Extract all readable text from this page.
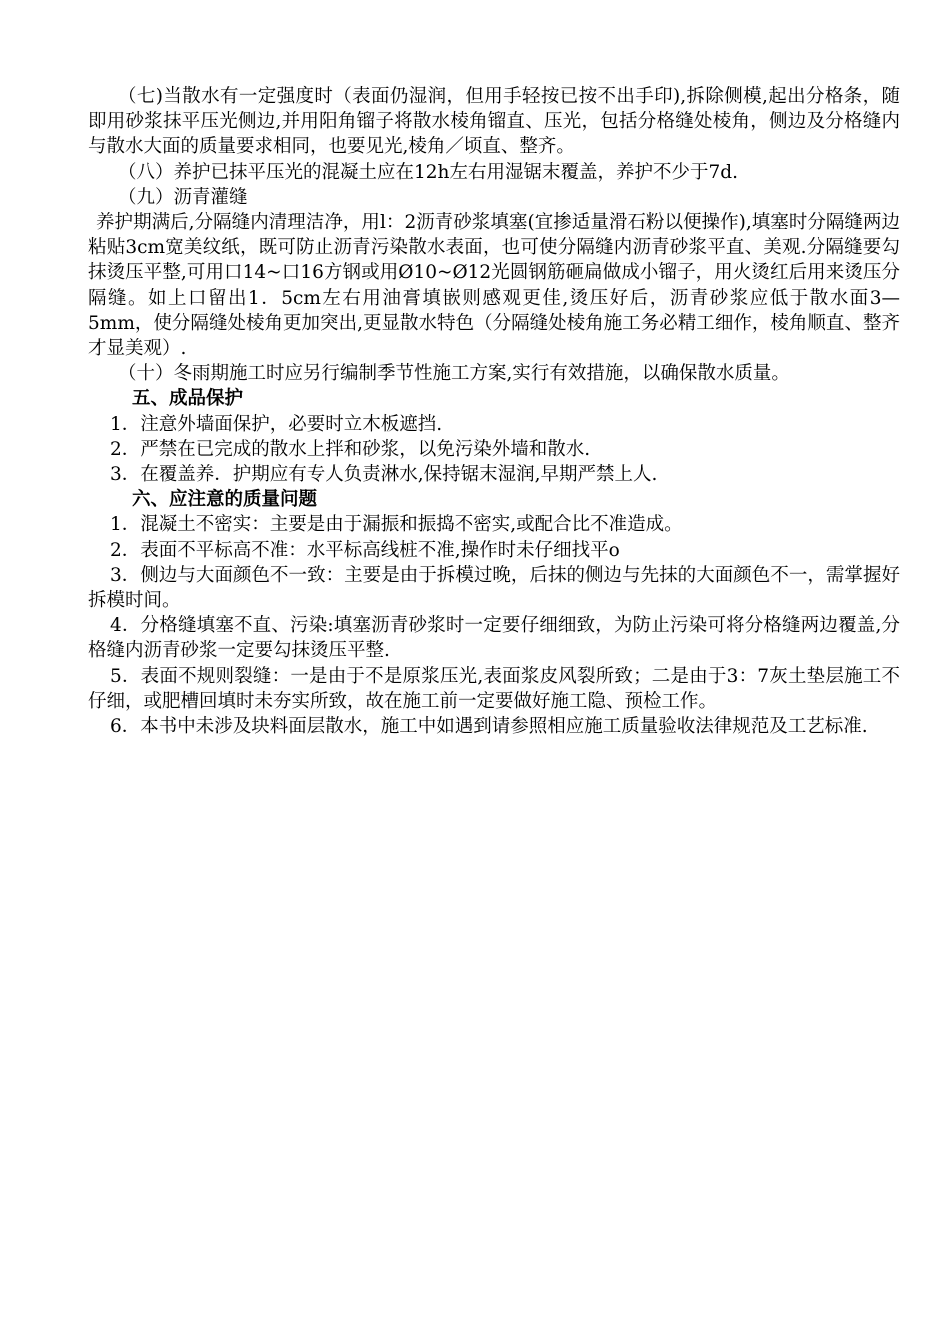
（七)当散水有一定强度时（表面仍湿润，但用手轻按已按不出手印),拆除侧模,起出分格条，随即用砂浆抹平压光侧边,并用阳角镏子将散水棱角镏直、压光，包括分格缝处棱角，侧边及分格缝内与散水大面的质量要求相同，也要见光,棱角／顷直、整齐。

（八）养护已抹平压光的混凝土应在12h左右用湿锯末覆盖，养护不少于7d.

（九）沥青灌缝

养护期满后,分隔缝内清理洁净，用l：2沥青砂浆填塞(宜掺适量滑石粉以便操作),填塞时分隔缝两边粘贴3cm宽美纹纸，既可防止沥青污染散水表面，也可使分隔缝内沥青砂浆平直、美观.分隔缝要勾抹烫压平整,可用口14~口16方钢或用Ø10~Ø12光圆钢筋砸扁做成小镏子，用火烫红后用来烫压分隔缝。如上口留出1．5cm左右用油膏填嵌则感观更佳,烫压好后，沥青砂浆应低于散水面3—5mm，使分隔缝处棱角更加突出,更显散水特色（分隔缝处棱角施工务必精工细作，棱角顺直、整齐才显美观）.

（十）冬雨期施工时应另行编制季节性施工方案,实行有效措施，以确保散水质量。

五、成品保护

1．注意外墙面保护，必要时立木板遮挡.

2．严禁在已完成的散水上拌和砂浆，以免污染外墙和散水.

3．在覆盖养．护期应有专人负责淋水,保持锯末湿润,早期严禁上人.

六、应注意的质量问题

1．混凝土不密实：主要是由于漏振和振捣不密实,或配合比不准造成。

2．表面不平标高不准：水平标高线桩不准,操作时未仔细找平o

3．侧边与大面颜色不一致：主要是由于拆模过晚，后抹的侧边与先抹的大面颜色不一，需掌握好拆模时间。

4．分格缝填塞不直、污染:填塞沥青砂浆时一定要仔细细致，为防止污染可将分格缝两边覆盖,分格缝内沥青砂浆一定要勾抹烫压平整.

5．表面不规则裂缝：一是由于不是原浆压光,表面浆皮风裂所致；二是由于3：7灰土垫层施工不仔细，或肥槽回填时未夯实所致，故在施工前一定要做好施工隐、预检工作。

6．本书中未涉及块料面层散水，施工中如遇到请参照相应施工质量验收法律规范及工艺标准.
